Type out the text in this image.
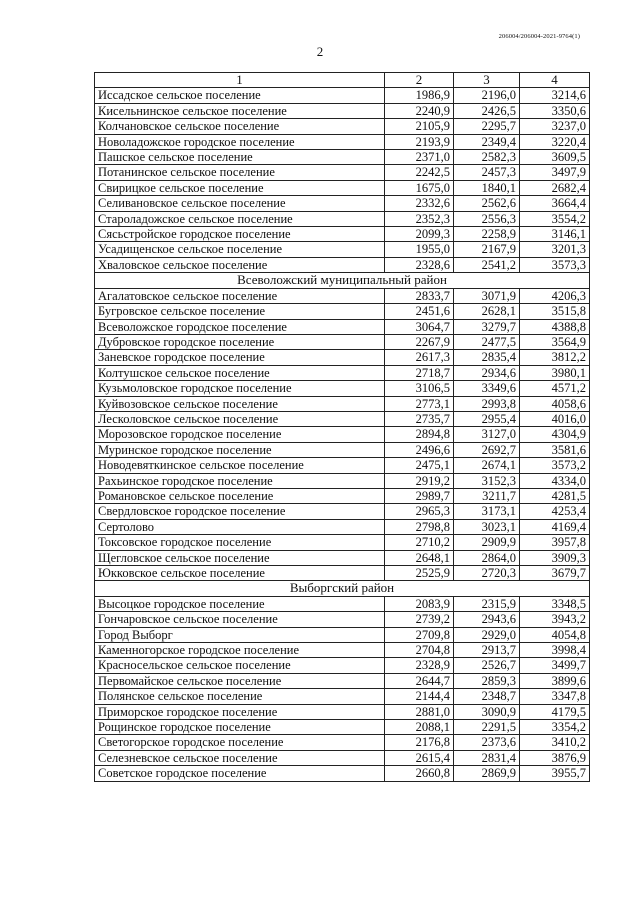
206004/206004-2021-9764(1)
2
1	2	3	4
Иссадское сельское поселение	1986,9	2196,0	3214,6
Кисельнинское сельское поселение	2240,9	2426,5	3350,6
Колчановское сельское поселение	2105,9	2295,7	3237,0
Новоладожское городское поселение	2193,9	2349,4	3220,4
Пашское сельское поселение	2371,0	2582,3	3609,5
Потанинское сельское поселение	2242,5	2457,3	3497,9
Свирицкое сельское поселение	1675,0	1840,1	2682,4
Селивановское сельское поселение	2332,6	2562,6	3664,4
Староладожское сельское поселение	2352,3	2556,3	3554,2
Сясьстройское городское поселение	2099,3	2258,9	3146,1
Усадищенское сельское поселение	1955,0	2167,9	3201,3
Хваловское сельское поселение	2328,6	2541,2	3573,3
Всеволожский муниципальный район			
Агалатовское сельское поселение	2833,7	3071,9	4206,3
Бугровское сельское поселение	2451,6	2628,1	3515,8
Всеволожское городское поселение	3064,7	3279,7	4388,8
Дубровское городское поселение	2267,9	2477,5	3564,9
Заневское городское поселение	2617,3	2835,4	3812,2
Колтушское сельское поселение	2718,7	2934,6	3980,1
Кузьмоловское городское поселение	3106,5	3349,6	4571,2
Куйвозовское сельское поселение	2773,1	2993,8	4058,6
Лесколовское сельское поселение	2735,7	2955,4	4016,0
Морозовское городское поселение	2894,8	3127,0	4304,9
Муринское городское поселение	2496,6	2692,7	3581,6
Новодевяткинское сельское поселение	2475,1	2674,1	3573,2
Рахьинское городское поселение	2919,2	3152,3	4334,0
Романовское сельское поселение	2989,7	3211,7	4281,5
Свердловское городское поселение	2965,3	3173,1	4253,4
Сертолово	2798,8	3023,1	4169,4
Токсовское городское поселение	2710,2	2909,9	3957,8
Щегловское сельское поселение	2648,1	2864,0	3909,3
Юкковское сельское поселение	2525,9	2720,3	3679,7
Выборгский район			
Высоцкое городское поселение	2083,9	2315,9	3348,5
Гончаровское сельское поселение	2739,2	2943,6	3943,2
Город Выборг	2709,8	2929,0	4054,8
Каменногорское городское поселение	2704,8	2913,7	3998,4
Красносельское сельское поселение	2328,9	2526,7	3499,7
Первомайское сельское поселение	2644,7	2859,3	3899,6
Полянское сельское поселение	2144,4	2348,7	3347,8
Приморское городское поселение	2881,0	3090,9	4179,5
Рощинское городское поселение	2088,1	2291,5	3354,2
Светогорское городское поселение	2176,8	2373,6	3410,2
Селезневское сельское поселение	2615,4	2831,4	3876,9
Советское городское поселение	2660,8	2869,9	3955,7
